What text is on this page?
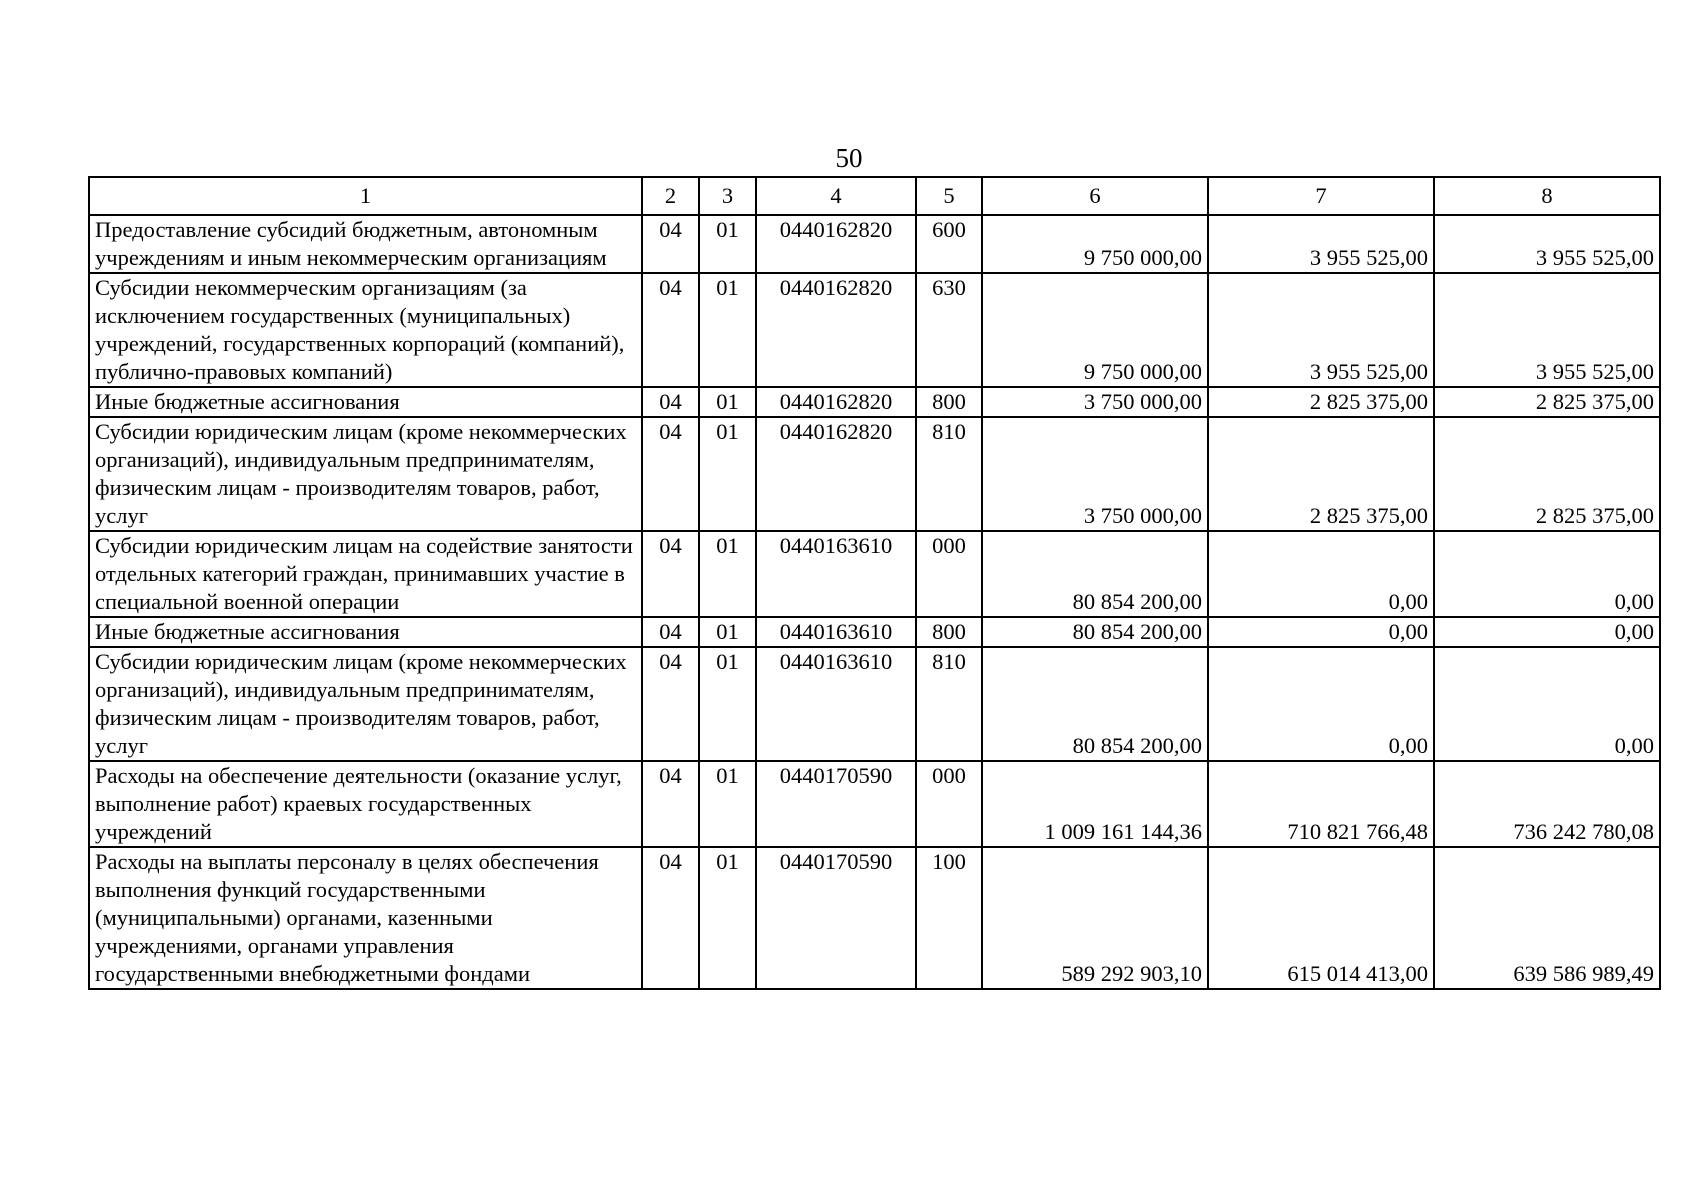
50
1	2	3	4	5	6	7	8
Предоставление субсидий бюджетным, автономным учреждениям и иным некоммерческим организациям	04	01	0440162820	600	9 750 000,00	3 955 525,00	3 955 525,00
Субсидии некоммерческим организациям (за исключением государственных (муниципальных) учреждений, государственных корпораций (компаний), публично-правовых компаний)	04	01	0440162820	630	9 750 000,00	3 955 525,00	3 955 525,00
Иные бюджетные ассигнования	04	01	0440162820	800	3 750 000,00	2 825 375,00	2 825 375,00
Субсидии юридическим лицам (кроме некоммерческих организаций), индивидуальным предпринимателям, физическим лицам - производителям товаров, работ, услуг	04	01	0440162820	810	3 750 000,00	2 825 375,00	2 825 375,00
Субсидии юридическим лицам на содействие занятости отдельных категорий граждан, принимавших участие в специальной военной операции	04	01	0440163610	000	80 854 200,00	0,00	0,00
Иные бюджетные ассигнования	04	01	0440163610	800	80 854 200,00	0,00	0,00
Субсидии юридическим лицам (кроме некоммерческих организаций), индивидуальным предпринимателям, физическим лицам - производителям товаров, работ, услуг	04	01	0440163610	810	80 854 200,00	0,00	0,00
Расходы на обеспечение деятельности (оказание услуг, выполнение работ) краевых государственных учреждений	04	01	0440170590	000	1 009 161 144,36	710 821 766,48	736 242 780,08
Расходы на выплаты персоналу в целях обеспечения выполнения функций государственными (муниципальными) органами, казенными учреждениями, органами управления государственными внебюджетными фондами	04	01	0440170590	100	589 292 903,10	615 014 413,00	639 586 989,49
